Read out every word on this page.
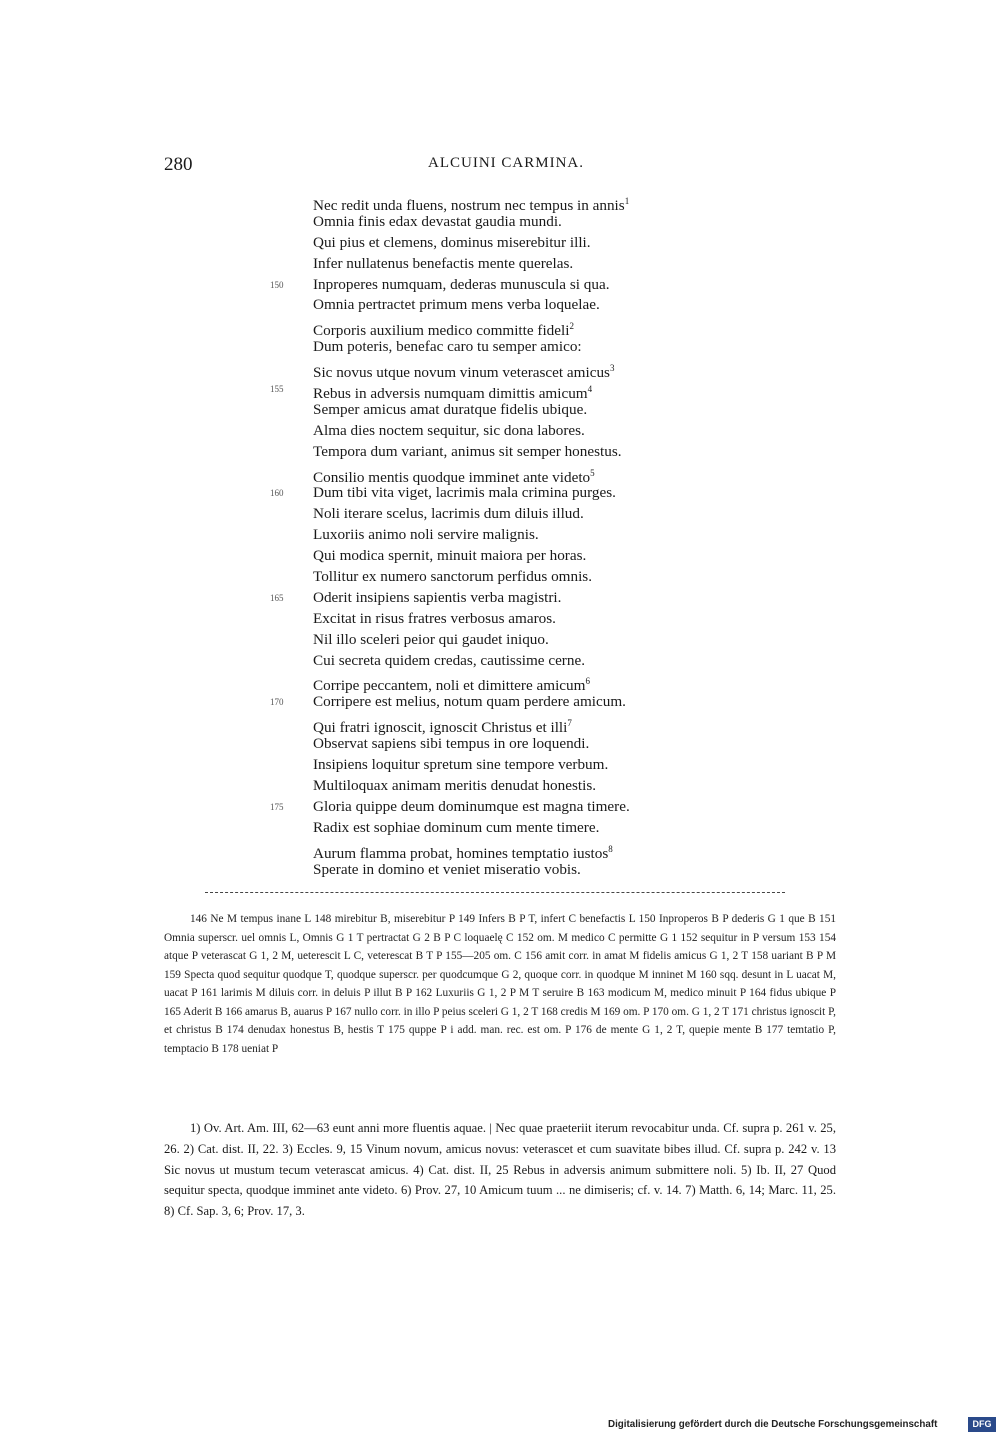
280	ALCUINI CARMINA.
Nec redit unda fluens, nostrum nec tempus in annis$^1$
Omnia finis edax devastat gaudia mundi.
Qui pius et clemens, dominus miserebitur illi.
Infer nullatenus benefactis mente querelas.
150	Inproperes numquam, dederas munuscula si qua.
Omnia pertractet primum mens verba loquelae.
Corporis auxilium medico committe fideli$^2$
Dum poteris, benefac caro tu semper amico:
Sic novus utque novum vinum veterascet amicus$^3$
155	Rebus in adversis numquam dimittis amicum$^4$
Semper amicus amat duratque fidelis ubique.
Alma dies noctem sequitur, sic dona labores.
Tempora dum variant, animus sit semper honestus.
Consilio mentis quodque imminet ante videto$^5$
160	Dum tibi vita viget, lacrimis mala crimina purges.
Noli iterare scelus, lacrimis dum diluis illud.
Luxoriis animo noli servire malignis.
Qui modica spernit, minuit maiora per horas.
Tollitur ex numero sanctorum perfidus omnis.
165	Oderit insipiens sapientis verba magistri.
Excitat in risus fratres verbosus amaros.
Nil illo sceleri peior qui gaudet iniquo.
Cui secreta quidem credas, cautissime cerne.
Corripe peccantem, noli et dimittere amicum$^6$
170	Corripere est melius, notum quam perdere amicum.
Qui fratri ignoscit, ignoscit Christus et illi$^7$
Observat sapiens sibi tempus in ore loquendi.
Insipiens loquitur spretum sine tempore verbum.
Multiloquax animam meritis denudat honestis.
175	Gloria quippe deum dominumque est magna timere.
Radix est sophiae dominum cum mente timere.
Aurum flamma probat, homines temptatio iustos$^8$
Sperate in domino et veniet miseratio vobis.

146 Ne M tempus inane L 148 mirebitur B, miserebitur P 149 Infers B P T, infert C benefactis L 150 Inproperos B P dederis G 1 que B 151 Omnia superscr. uel omnis L, Omnis G 1 T pertractat G 2 B P C loquaelę C 152 om. M medico C permitte G 1 152 sequitur in P versum 153 154 atque P veterascat G 1, 2 M, ueterescit L C, veterescat B T P 155—205 om. C 156 amit corr. in amat M fidelis amicus G 1, 2 T 158 uariant B P M 159 Specta quod sequitur quodque T, quodque superscr. per quodcumque G 2, quoque corr. in quodque M inninet M 160 sqq. desunt in L uacat M, uacat P 161 larimis M diluis corr. in deluis P illut B P 162 Luxuriis G 1, 2 P M T seruire B 163 modicum M, medico minuit P 164 fidus ubique P 165 Aderit B 166 amarus B, auarus P 167 nullo corr. in illo P peius sceleri G 1, 2 T 168 credis M 169 om. P 170 om. G 1, 2 T 171 christus ignoscit P, et christus B 174 denudax honestus B, hestis T 175 quppe P i add. man. rec. est om. P 176 de mente G 1, 2 T, quepie mente B 177 temtatio P, temptacio B 178 ueniat P

1) Ov. Art. Am. III, 62—63 eunt anni more fluentis aquae. | Nec quae praeteriit iterum revocabitur unda. Cf. supra p. 261 v. 25, 26. 2) Cat. dist. II, 22. 3) Eccles. 9, 15 Vinum novum, amicus novus: veterascet et cum suavitate bibes illud. Cf. supra p. 242 v. 13 Sic novus ut mustum tecum veterascat amicus. 4) Cat. dist. II, 25 Rebus in adversis animum submittere noli. 5) Ib. II, 27 Quod sequitur specta, quodque imminet ante videto. 6) Prov. 27, 10 Amicum tuum ... ne dimiseris; cf. v. 14. 7) Matth. 6, 14; Marc. 11, 25. 8) Cf. Sap. 3, 6; Prov. 17, 3.

Digitalisierung gefördert durch die Deutsche Forschungsgemeinschaft	DFG
